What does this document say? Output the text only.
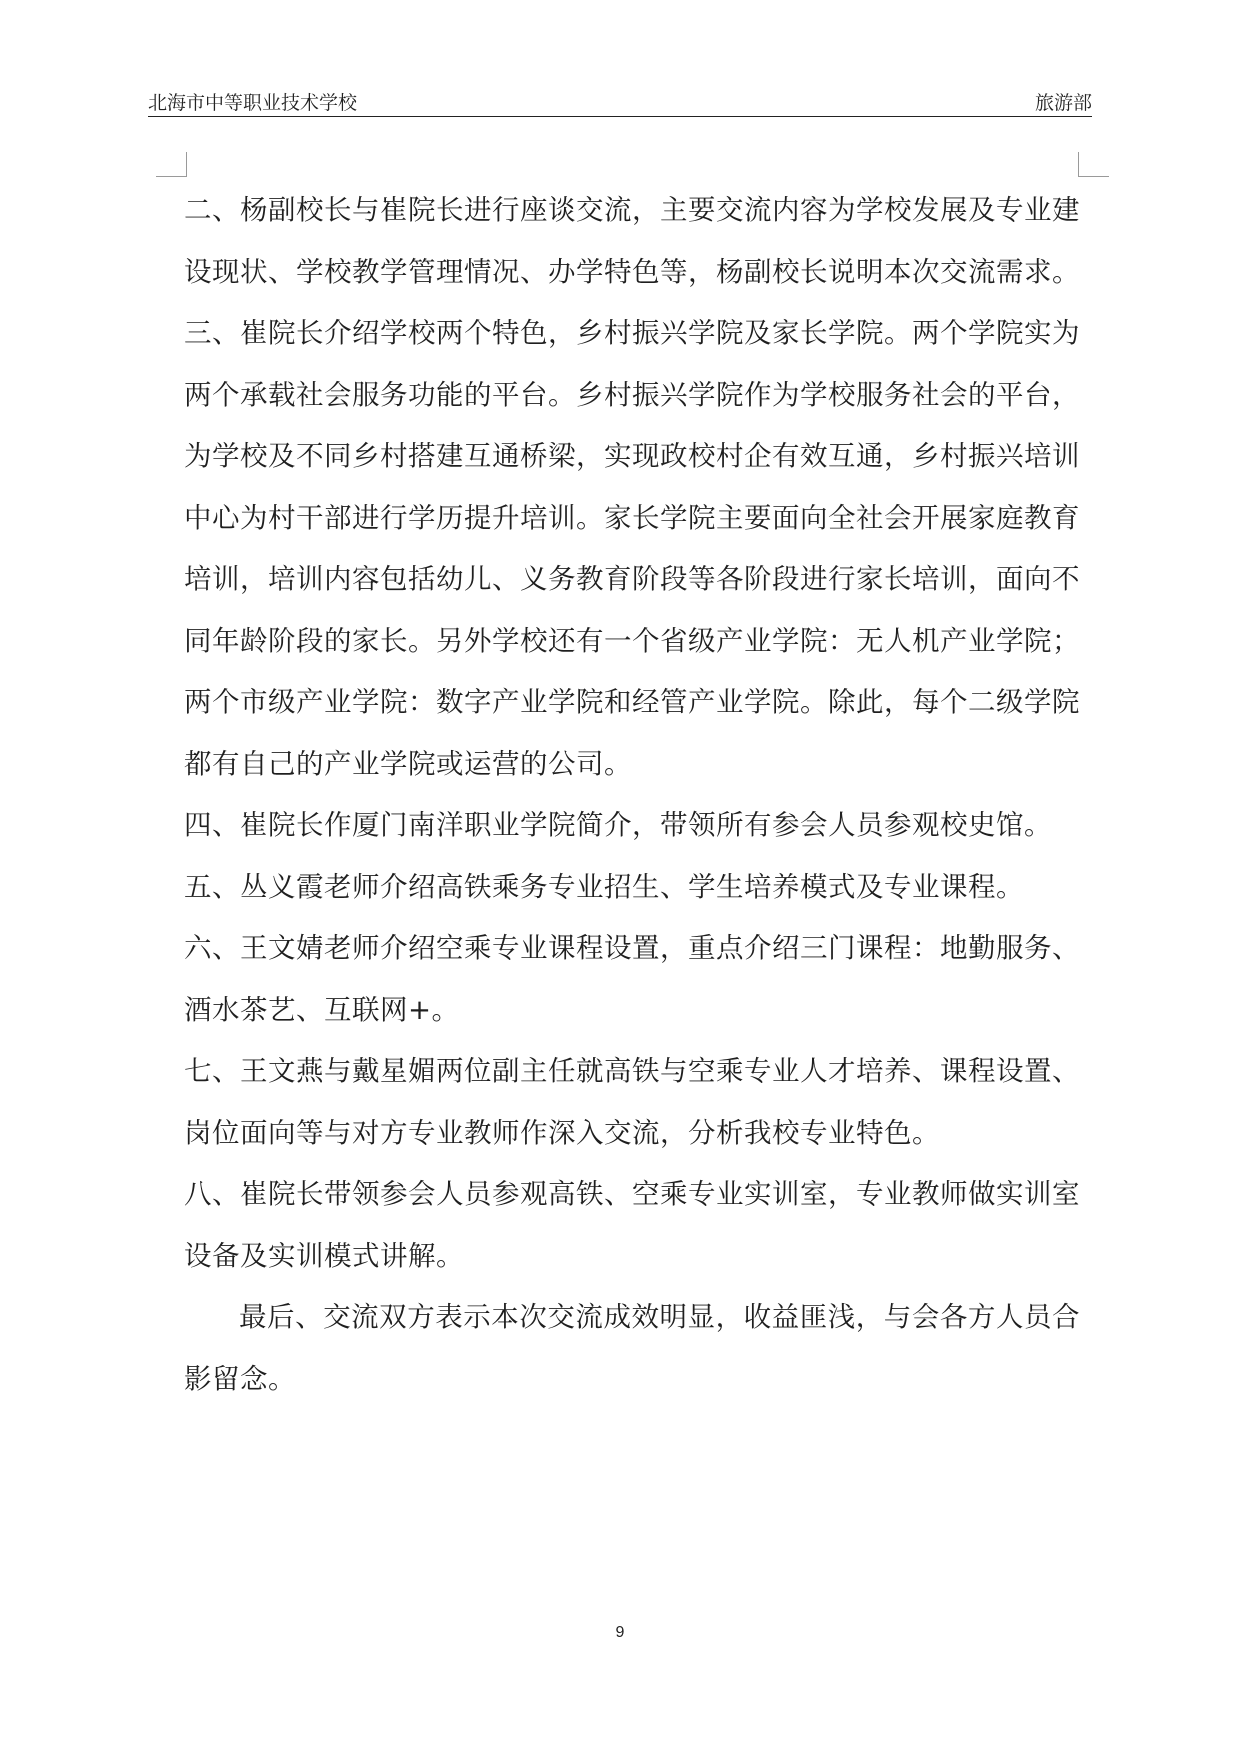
北海市中等职业技术学校	旅游部

二、杨副校长与崔院长进行座谈交流，主要交流内容为学校发展及专业建设现状、学校教学管理情况、办学特色等，杨副校长说明本次交流需求。

三、崔院长介绍学校两个特色，乡村振兴学院及家长学院。两个学院实为两个承载社会服务功能的平台。乡村振兴学院作为学校服务社会的平台，为学校及不同乡村搭建互通桥梁，实现政校村企有效互通，乡村振兴培训中心为村干部进行学历提升培训。家长学院主要面向全社会开展家庭教育培训，培训内容包括幼儿、义务教育阶段等各阶段进行家长培训，面向不同年龄阶段的家长。另外学校还有一个省级产业学院：无人机产业学院；两个市级产业学院：数字产业学院和经管产业学院。除此，每个二级学院都有自己的产业学院或运营的公司。

四、崔院长作厦门南洋职业学院简介，带领所有参会人员参观校史馆。

五、丛义霞老师介绍高铁乘务专业招生、学生培养模式及专业课程。

六、王文婧老师介绍空乘专业课程设置，重点介绍三门课程：地勤服务、酒水茶艺、互联网+。

七、王文燕与戴星媚两位副主任就高铁与空乘专业人才培养、课程设置、岗位面向等与对方专业教师作深入交流，分析我校专业特色。

八、崔院长带领参会人员参观高铁、空乘专业实训室，专业教师做实训室设备及实训模式讲解。

最后、交流双方表示本次交流成效明显，收益匪浅，与会各方人员合影留念。

9
